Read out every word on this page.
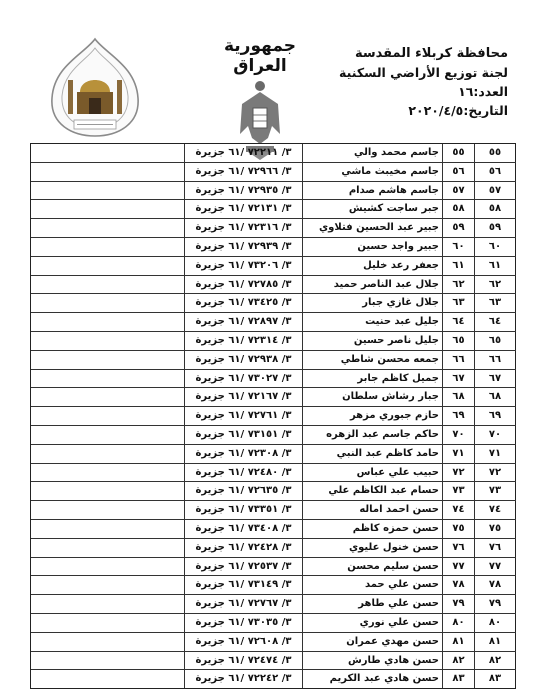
جمهورية العراق
محافظة كربلاء المقدسة
لجنة توزيع الأراضي السكنية
العدد:١٦
التاريخ:٢٠٢٠/٤/٥
٥٥
٥٥
جاسم محمد والي
٣/ ٧٢٢١١ /٦١ جزيرة
٥٦
٥٦
جاسم مخيبث ماشي
٣/ ٧٢٩٦٦ /٦١ جزيرة
٥٧
٥٧
جاسم هاشم صدام
٣/ ٧٢٩٣٥ /٦١ جزيرة
٥٨
٥٨
جبر ساجت كشيش
٣/ ٧٢١٣١ /٦١ جزيرة
٥٩
٥٩
جبير عبد الحسين فتلاوي
٣/ ٧٢٣١٦ /٦١ جزيرة
٦٠
٦٠
جبير واجد حسين
٣/ ٧٢٩٣٩ /٦١ جزيرة
٦١
٦١
جعفر رعد خليل
٣/ ٧٣٢٠٦ /٦١ جزيرة
٦٢
٦٢
جلال عبد الناصر حميد
٣/ ٧٢٧٨٥ /٦١ جزيرة
٦٣
٦٣
جلال غازي جبار
٣/ ٧٣٤٢٥ /٦١ جزيرة
٦٤
٦٤
جليل عبد حنيت
٣/ ٧٢٨٩٧ /٦١ جزيرة
٦٥
٦٥
جليل ناصر حسين
٣/ ٧٢٣١٤ /٦١ جزيرة
٦٦
٦٦
جمعه محسن شاطي
٣/ ٧٢٩٣٨ /٦١ جزيرة
٦٧
٦٧
جميل كاظم جابر
٣/ ٧٣٠٢٧ /٦١ جزيرة
٦٨
٦٨
جبار رشاش سلطان
٣/ ٧٢١٦٧ /٦١ جزيرة
٦٩
٦٩
حازم جبوري مزهر
٣/ ٧٢٧٦١ /٦١ جزيرة
٧٠
٧٠
حاكم جاسم عبد الزهره
٣/ ٧٣١٥١ /٦١ جزيرة
٧١
٧١
حامد كاظم عبد النبي
٣/ ٧٢٣٠٨ /٦١ جزيرة
٧٢
٧٢
حبيب علي عباس
٣/ ٧٢٤٨٠ /٦١ جزيرة
٧٣
٧٣
حسام عبد الكاظم علي
٣/ ٧٢٦٣٥ /٦١ جزيرة
٧٤
٧٤
حسن احمد اماله
٣/ ٧٣٣٥١ /٦١ جزيرة
٧٥
٧٥
حسن حمزه كاظم
٣/ ٧٣٤٠٨ /٦١ جزيرة
٧٦
٧٦
حسن خنول عليوي
٣/ ٧٢٤٢٨ /٦١ جزيرة
٧٧
٧٧
حسن سليم محسن
٣/ ٧٢٥٣٧ /٦١ جزيرة
٧٨
٧٨
حسن علي حمد
٣/ ٧٣١٤٩ /٦١ جزيرة
٧٩
٧٩
حسن علي طاهر
٣/ ٧٢٧٦٧ /٦١ جزيرة
٨٠
٨٠
حسن علي نوري
٣/ ٧٣٠٣٥ /٦١ جزيرة
٨١
٨١
حسن مهدي عمران
٣/ ٧٢٦٠٨ /٦١ جزيرة
٨٢
٨٢
حسن هادي طارش
٣/ ٧٢٤٧٤ /٦١ جزيرة
٨٣
٨٣
حسن هادي عبد الكريم
٣/ ٧٢٢٤٢ /٦١ جزيرة
